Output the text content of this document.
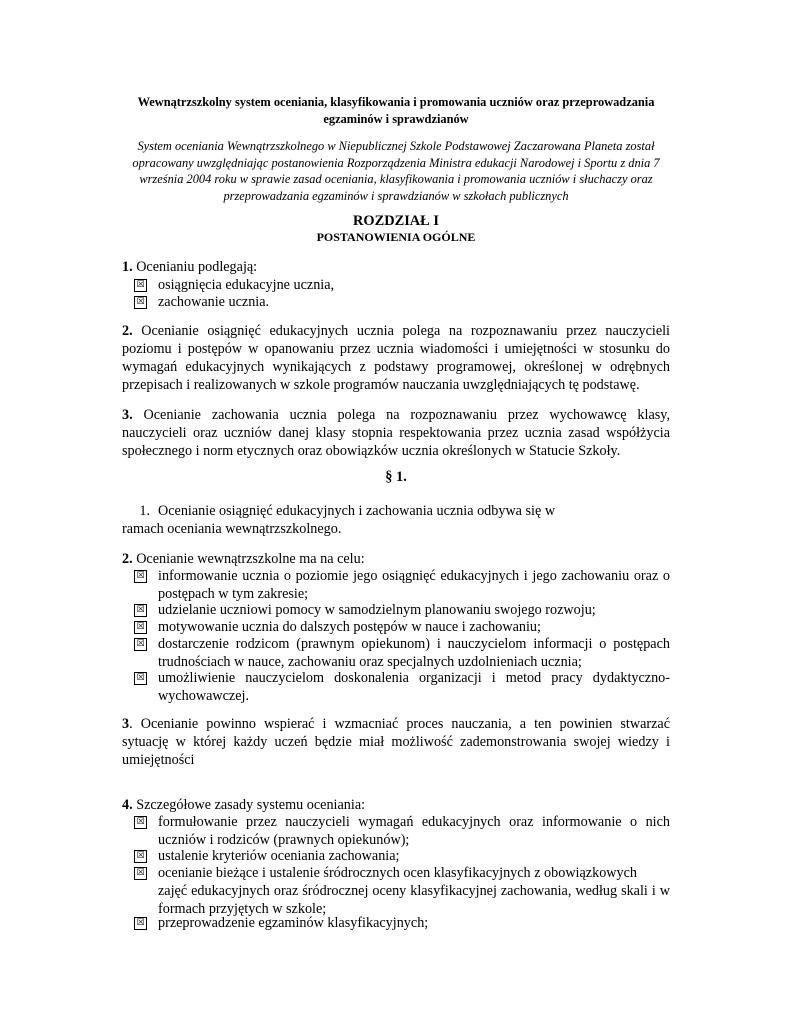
Wewnątrzszkolny system oceniania, klasyfikowania i promowania uczniów oraz przeprowadzania
egzaminów i sprawdzianów
System oceniania Wewnątrzszkolnego w Niepublicznej Szkole Podstawowej Zaczarowana Planeta został
opracowany uwzględniając postanowienia Rozporządzenia Ministra edukacji Narodowej i Sportu z dnia 7
września 2004 roku w sprawie zasad oceniania, klasyfikowania i promowania uczniów i słuchaczy oraz
przeprowadzania egzaminów i sprawdzianów w szkołach publicznych
ROZDZIAŁ I
POSTANOWIENIA OGÓLNE
1. Ocenianiu podlegają:
☒ osiągnięcia edukacyjne ucznia,
☒ zachowanie ucznia.
2. Ocenianie osiągnięć edukacyjnych ucznia polega na rozpoznawaniu przez nauczycieli
poziomu i postępów w opanowaniu przez ucznia wiadomości i umiejętności w stosunku do
wymagań edukacyjnych wynikających z podstawy programowej, określonej w odrębnych
przepisach i realizowanych w szkole programów nauczania uwzględniających tę podstawę.
3. Ocenianie zachowania ucznia polega na rozpoznawaniu przez wychowawcę klasy,
nauczycieli oraz uczniów danej klasy stopnia respektowania przez ucznia zasad współżycia
społecznego i norm etycznych oraz obowiązków ucznia określonych w Statucie Szkoły.
§ 1.
1. Ocenianie osiągnięć edukacyjnych i zachowania ucznia odbywa się w
ramach oceniania wewnątrzszkolnego.
2. Ocenianie wewnątrzszkolne ma na celu:
☒ informowanie ucznia o poziomie jego osiągnięć edukacyjnych i jego zachowaniu oraz o
postępach w tym zakresie;
☒ udzielanie uczniowi pomocy w samodzielnym planowaniu swojego rozwoju;
☒ motywowanie ucznia do dalszych postępów w nauce i zachowaniu;
☒ dostarczenie rodzicom (prawnym opiekunom) i nauczycielom informacji o postępach
trudnościach w nauce, zachowaniu oraz specjalnych uzdolnieniach ucznia;
☒ umożliwienie nauczycielom doskonalenia organizacji i metod pracy dydaktyczno-
wychowawczej.
3. Ocenianie powinno wspierać i wzmacniać proces nauczania, a ten powinien stwarzać
sytuację w której każdy uczeń będzie miał możliwość zademonstrowania swojej wiedzy i
umiejętności
4. Szczegółowe zasady systemu oceniania:
☒ formułowanie przez nauczycieli wymagań edukacyjnych oraz informowanie o nich
uczniów i rodziców (prawnych opiekunów);
☒ ustalenie kryteriów oceniania zachowania;
☒ ocenianie bieżące i ustalenie śródrocznych ocen klasyfikacyjnych z obowiązkowych
zajęć edukacyjnych oraz śródrocznej oceny klasyfikacyjnej zachowania, według skali i w
formach przyjętych w szkole;
☒ przeprowadzenie egzaminów klasyfikacyjnych;
